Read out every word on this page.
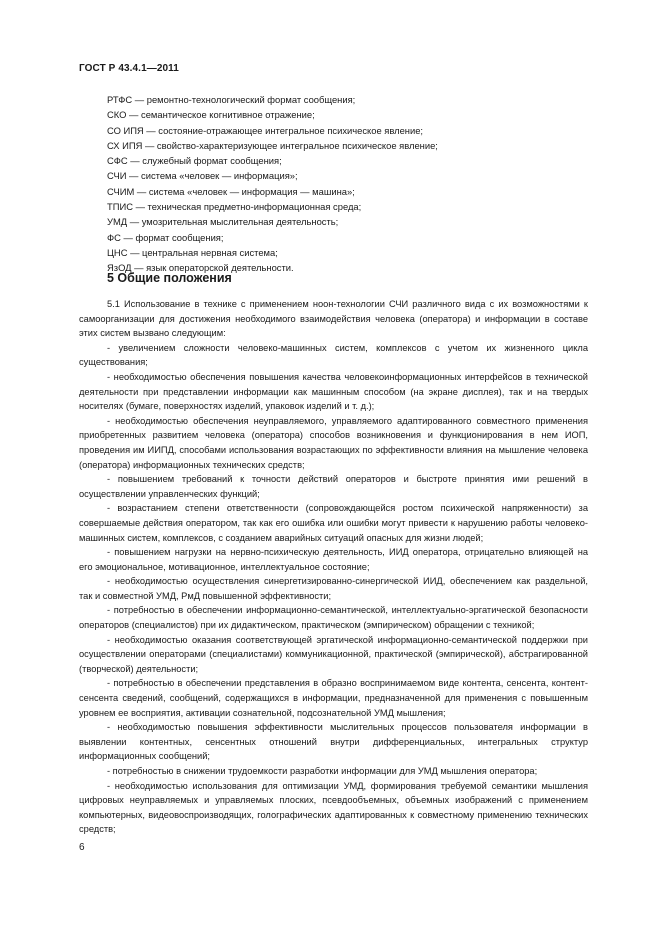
ГОСТ Р 43.4.1—2011
РТФС — ремонтно-технологический формат сообщения;
СКО — семантическое когнитивное отражение;
СО ИПЯ — состояние-отражающее интегральное психическое явление;
СХ ИПЯ — свойство-характеризующее интегральное психическое явление;
СФС — служебный формат сообщения;
СЧИ — система «человек — информация»;
СЧИМ — система «человек — информация — машина»;
ТПИС — техническая предметно-информационная среда;
УМД — умозрительная мыслительная деятельность;
ФС — формат сообщения;
ЦНС — центральная нервная система;
ЯзОД — язык операторской деятельности.
5 Общие положения

5.1 Использование в технике с применением ноон-технологии СЧИ различного вида с их возможностями к самоорганизации для достижения необходимого взаимодействия человека (оператора) и информации в составе этих систем вызвано следующим:

- увеличением сложности человеко-машинных систем, комплексов с учетом их жизненного цикла существования;

- необходимостью обеспечения повышения качества человекоинформационных интерфейсов в технической деятельности при представлении информации как машинным способом (на экране дисплея), так и на твердых носителях (бумаге, поверхностях изделий, упаковок изделий и т. д.);

- необходимостью обеспечения неуправляемого, управляемого адаптированного совместного применения приобретенных развитием человека (оператора) способов возникновения и функционирования в нем ИОП, проведения им ИИПД, способами использования возрастающих по эффективности влияния на мышление человека (оператора) информационных технических средств;

- повышением требований к точности действий операторов и быстроте принятия ими решений в осуществлении управленческих функций;

- возрастанием степени ответственности (сопровождающейся ростом психической напряженности) за совершаемые действия оператором, так как его ошибка или ошибки могут привести к нарушению работы человеко-машинных систем, комплексов, с созданием аварийных ситуаций опасных для жизни людей;

- повышением нагрузки на нервно-психическую деятельность, ИИД оператора, отрицательно влияющей на его эмоциональное, мотивационное, интеллектуальное состояние;

- необходимостью осуществления синергетизированно-синергической ИИД, обеспечением как раздельной, так и совместной УМД, РмД повышенной эффективности;

- потребностью в обеспечении информационно-семантической, интеллектуально-эргатической безопасности операторов (специалистов) при их дидактическом, практическом (эмпирическом) обращении с техникой;

- необходимостью оказания соответствующей эргатической информационно-семантической поддержки при осуществлении операторами (специалистами) коммуникационной, практической (эмпирической), абстрагированной (творческой) деятельности;

- потребностью в обеспечении представления в образно воспринимаемом виде контента, сенсента, контент-сенсента сведений, сообщений, содержащихся в информации, предназначенной для применения с повышенным уровнем ее восприятия, активации сознательной, подсознательной УМД мышления;

- необходимостью повышения эффективности мыслительных процессов пользователя информации в выявлении контентных, сенсентных отношений внутри дифференциальных, интегральных структур информационных сообщений;

- потребностью в снижении трудоемкости разработки информации для УМД мышления оператора;

- необходимостью использования для оптимизации УМД, формирования требуемой семантики мышления цифровых неуправляемых и управляемых плоских, псевдообъемных, объемных изображений с применением компьютерных, видеовоспроизводящих, голографических адаптированных к совместному применению технических средств;

6
